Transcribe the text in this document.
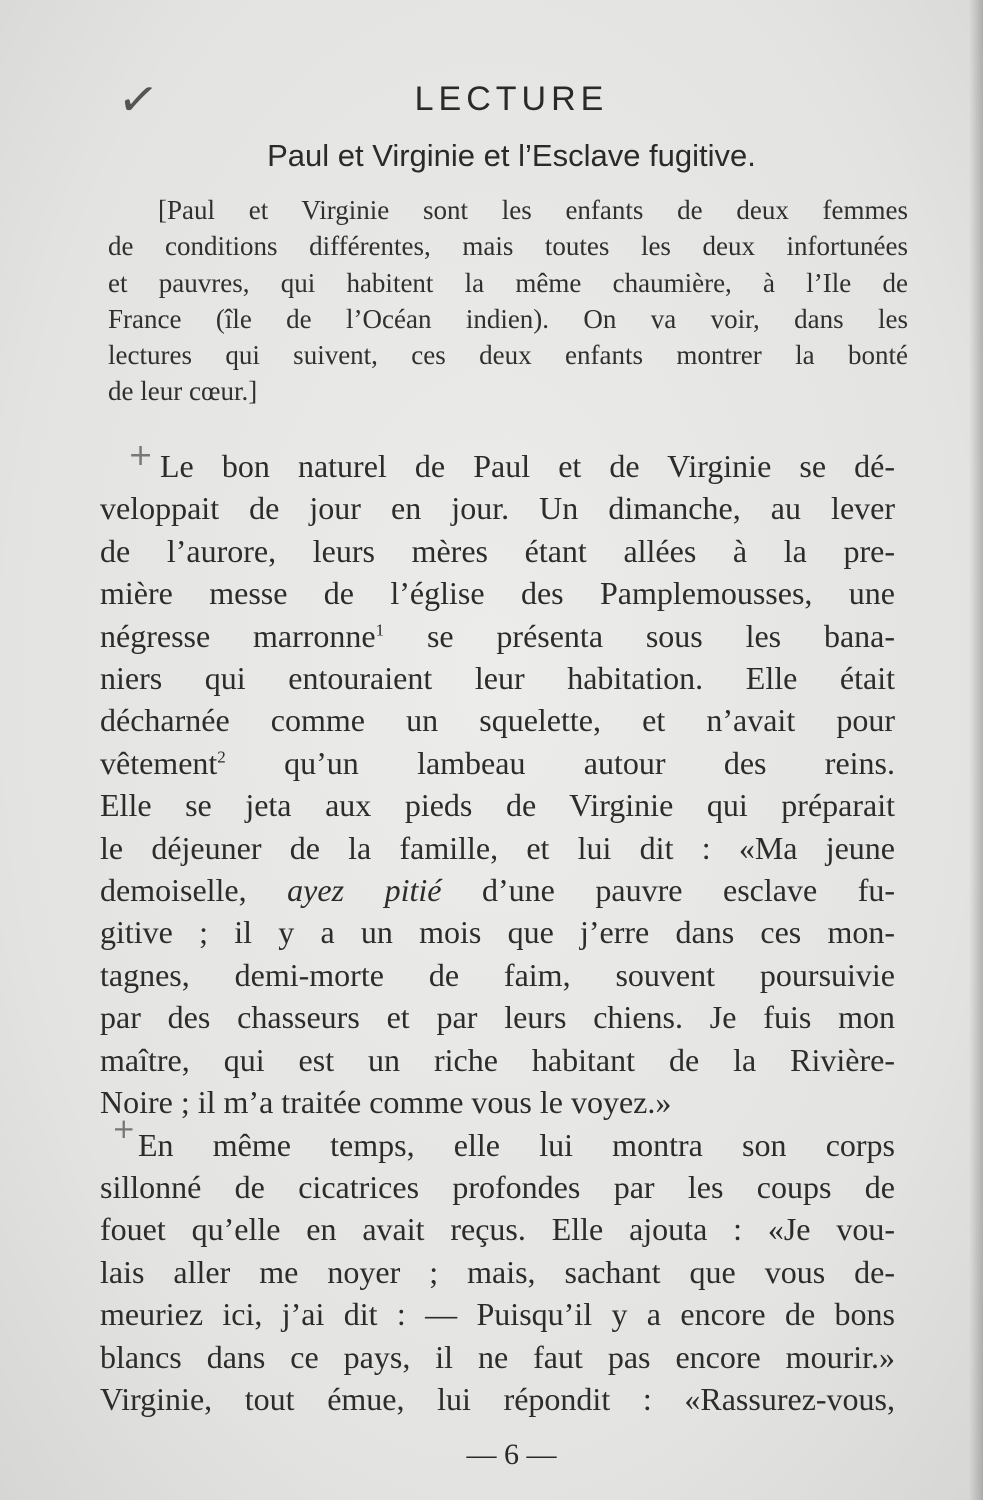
✓	LECTURE
Paul et Virginie et l’Esclave fugitive.
[Paul et Virginie sont les enfants de deux femmes
de conditions différentes, mais toutes les deux infortunées
et pauvres, qui habitent la même chaumière, à l’Ile de
France (île de l’Océan indien). On va voir, dans les
lectures qui suivent, ces deux enfants montrer la bonté
de leur cœur.]
+
+
Le bon naturel de Paul et de Virginie se dé-
veloppait de jour en jour. Un dimanche, au lever
de l’aurore, leurs mères étant allées à la pre-
mière messe de l’église des Pamplemousses, une
négresse marronne$^1$ se présenta sous les bana-
niers qui entouraient leur habitation. Elle était
décharnée comme un squelette, et n’avait pour
vêtement$^2$ qu’un lambeau autour des reins.
Elle se jeta aux pieds de Virginie qui préparait
le déjeuner de la famille, et lui dit : «Ma jeune
demoiselle, ayez pitié d’une pauvre esclave fu-
gitive ; il y a un mois que j’erre dans ces mon-
tagnes, demi-morte de faim, souvent poursuivie
par des chasseurs et par leurs chiens. Je fuis mon
maître, qui est un riche habitant de la Rivière-
Noire ; il m’a traitée comme vous le voyez.»
En même temps, elle lui montra son corps
sillonné de cicatrices profondes par les coups de
fouet qu’elle en avait reçus. Elle ajouta : «Je vou-
lais aller me noyer ; mais, sachant que vous de-
meuriez ici, j’ai dit : — Puisqu’il y a encore de bons
blancs dans ce pays, il ne faut pas encore mourir.»
Virginie, tout émue, lui répondit : «Rassurez-vous,
— 6 —
